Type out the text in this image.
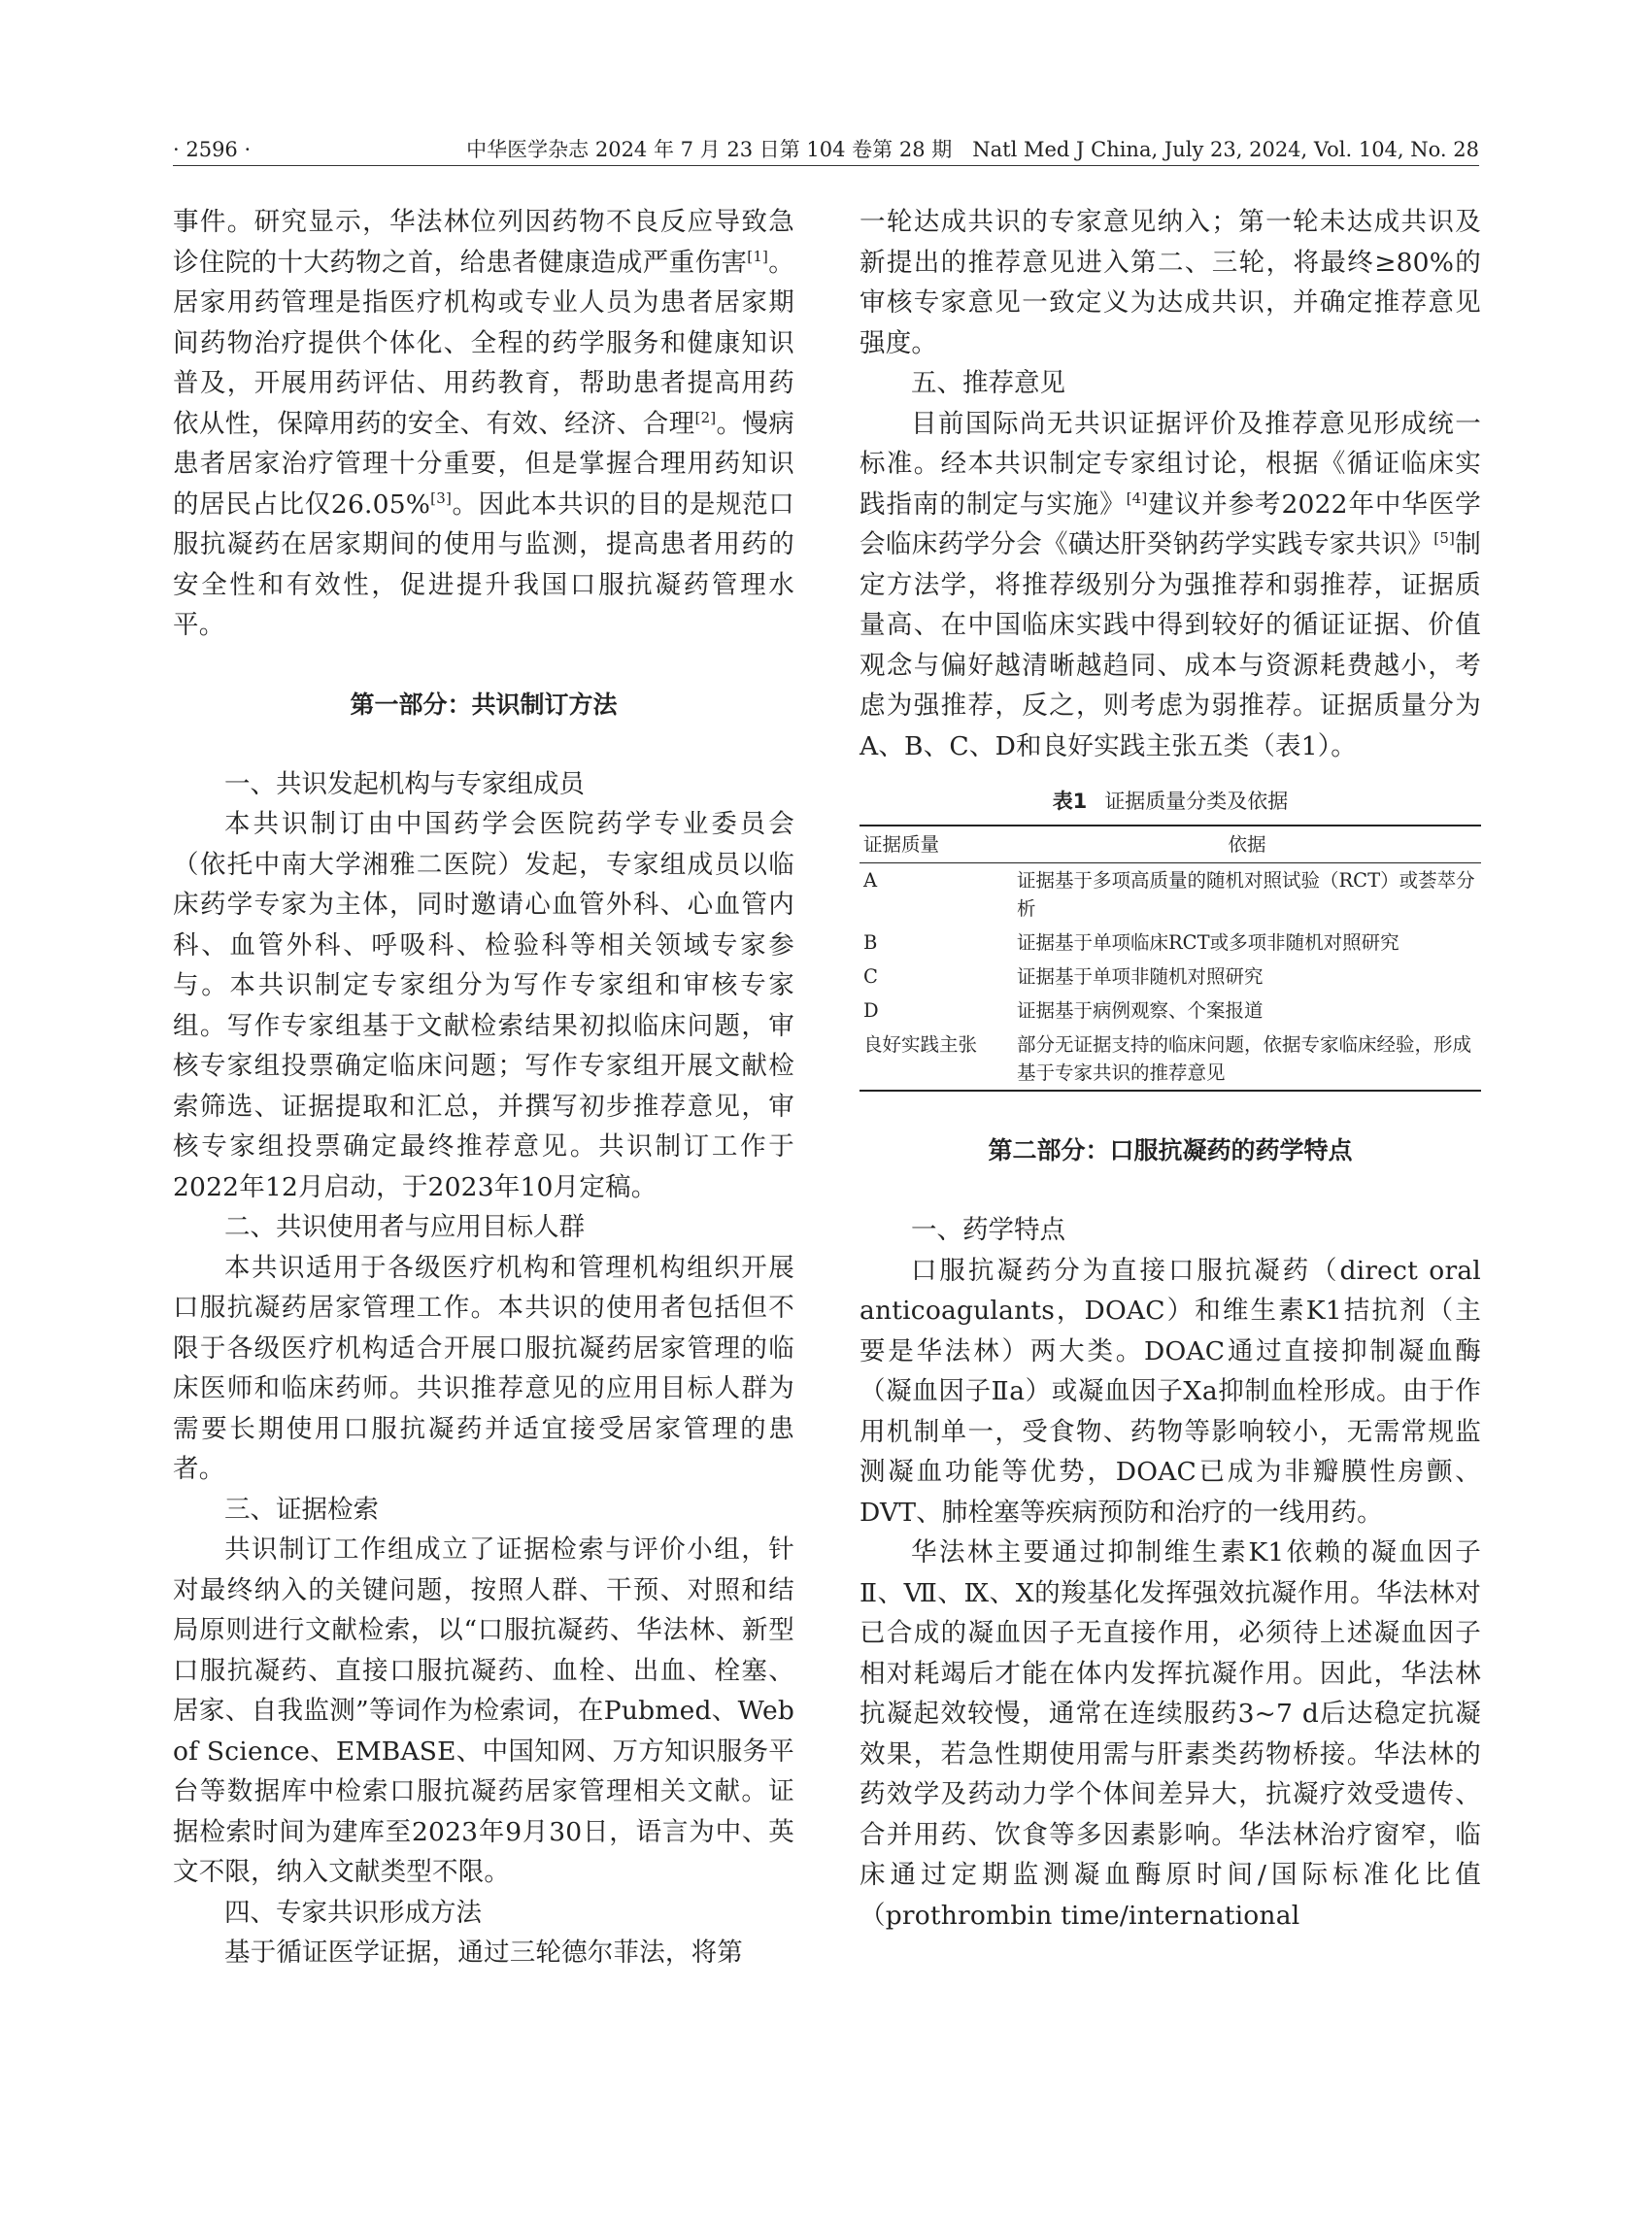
· 2596 ·	中华医学杂志 2024 年 7 月 23 日第 104 卷第 28 期　Natl Med J China, July 23, 2024, Vol. 104, No. 28

事件。研究显示，华法林位列因药物不良反应导致急诊住院的十大药物之首，给患者健康造成严重伤害[1]。居家用药管理是指医疗机构或专业人员为患者居家期间药物治疗提供个体化、全程的药学服务和健康知识普及，开展用药评估、用药教育，帮助患者提高用药依从性，保障用药的安全、有效、经济、合理[2]。慢病患者居家治疗管理十分重要，但是掌握合理用药知识的居民占比仅26.05%[3]。因此本共识的目的是规范口服抗凝药在居家期间的使用与监测，提高患者用药的安全性和有效性，促进提升我国口服抗凝药管理水平。

第一部分：共识制订方法

一、共识发起机构与专家组成员

本共识制订由中国药学会医院药学专业委员会（依托中南大学湘雅二医院）发起，专家组成员以临床药学专家为主体，同时邀请心血管外科、心血管内科、血管外科、呼吸科、检验科等相关领域专家参与。本共识制定专家组分为写作专家组和审核专家组。写作专家组基于文献检索结果初拟临床问题，审核专家组投票确定临床问题；写作专家组开展文献检索筛选、证据提取和汇总，并撰写初步推荐意见，审核专家组投票确定最终推荐意见。共识制订工作于2022年12月启动，于2023年10月定稿。

二、共识使用者与应用目标人群

本共识适用于各级医疗机构和管理机构组织开展口服抗凝药居家管理工作。本共识的使用者包括但不限于各级医疗机构适合开展口服抗凝药居家管理的临床医师和临床药师。共识推荐意见的应用目标人群为需要长期使用口服抗凝药并适宜接受居家管理的患者。

三、证据检索

共识制订工作组成立了证据检索与评价小组，针对最终纳入的关键问题，按照人群、干预、对照和结局原则进行文献检索，以“口服抗凝药、华法林、新型口服抗凝药、直接口服抗凝药、血栓、出血、栓塞、居家、自我监测”等词作为检索词，在Pubmed、Web of Science、EMBASE、中国知网、万方知识服务平台等数据库中检索口服抗凝药居家管理相关文献。证据检索时间为建库至2023年9月30日，语言为中、英文不限，纳入文献类型不限。

四、专家共识形成方法

基于循证医学证据，通过三轮德尔菲法，将第

一轮达成共识的专家意见纳入；第一轮未达成共识及新提出的推荐意见进入第二、三轮，将最终≥80%的审核专家意见一致定义为达成共识，并确定推荐意见强度。

五、推荐意见

目前国际尚无共识证据评价及推荐意见形成统一标准。经本共识制定专家组讨论，根据《循证临床实践指南的制定与实施》[4]建议并参考2022年中华医学会临床药学分会《磺达肝癸钠药学实践专家共识》[5]制定方法学，将推荐级别分为强推荐和弱推荐，证据质量高、在中国临床实践中得到较好的循证证据、价值观念与偏好越清晰越趋同、成本与资源耗费越小，考虑为强推荐，反之，则考虑为弱推荐。证据质量分为A、B、C、D和良好实践主张五类（表1）。

表1 证据质量分类及依据
证据质量	依据
A	证据基于多项高质量的随机对照试验（RCT）或荟萃分析
B	证据基于单项临床RCT或多项非随机对照研究
C	证据基于单项非随机对照研究
D	证据基于病例观察、个案报道
良好实践主张	部分无证据支持的临床问题，依据专家临床经验，形成基于专家共识的推荐意见
第二部分：口服抗凝药的药学特点

一、药学特点

口服抗凝药分为直接口服抗凝药（direct oral anticoagulants，DOAC）和维生素K1拮抗剂（主要是华法林）两大类。DOAC通过直接抑制凝血酶（凝血因子Ⅱa）或凝血因子Ⅹa抑制血栓形成。由于作用机制单一，受食物、药物等影响较小，无需常规监测凝血功能等优势，DOAC已成为非瓣膜性房颤、DVT、肺栓塞等疾病预防和治疗的一线用药。

华法林主要通过抑制维生素K1依赖的凝血因子Ⅱ、Ⅶ、Ⅸ、Ⅹ的羧基化发挥强效抗凝作用。华法林对已合成的凝血因子无直接作用，必须待上述凝血因子相对耗竭后才能在体内发挥抗凝作用。因此，华法林抗凝起效较慢，通常在连续服药3~7 d后达稳定抗凝效果，若急性期使用需与肝素类药物桥接。华法林的药效学及药动力学个体间差异大，抗凝疗效受遗传、合并用药、饮食等多因素影响。华法林治疗窗窄，临床通过定期监测凝血酶原时间/国际标准化比值（prothrombin time/international
